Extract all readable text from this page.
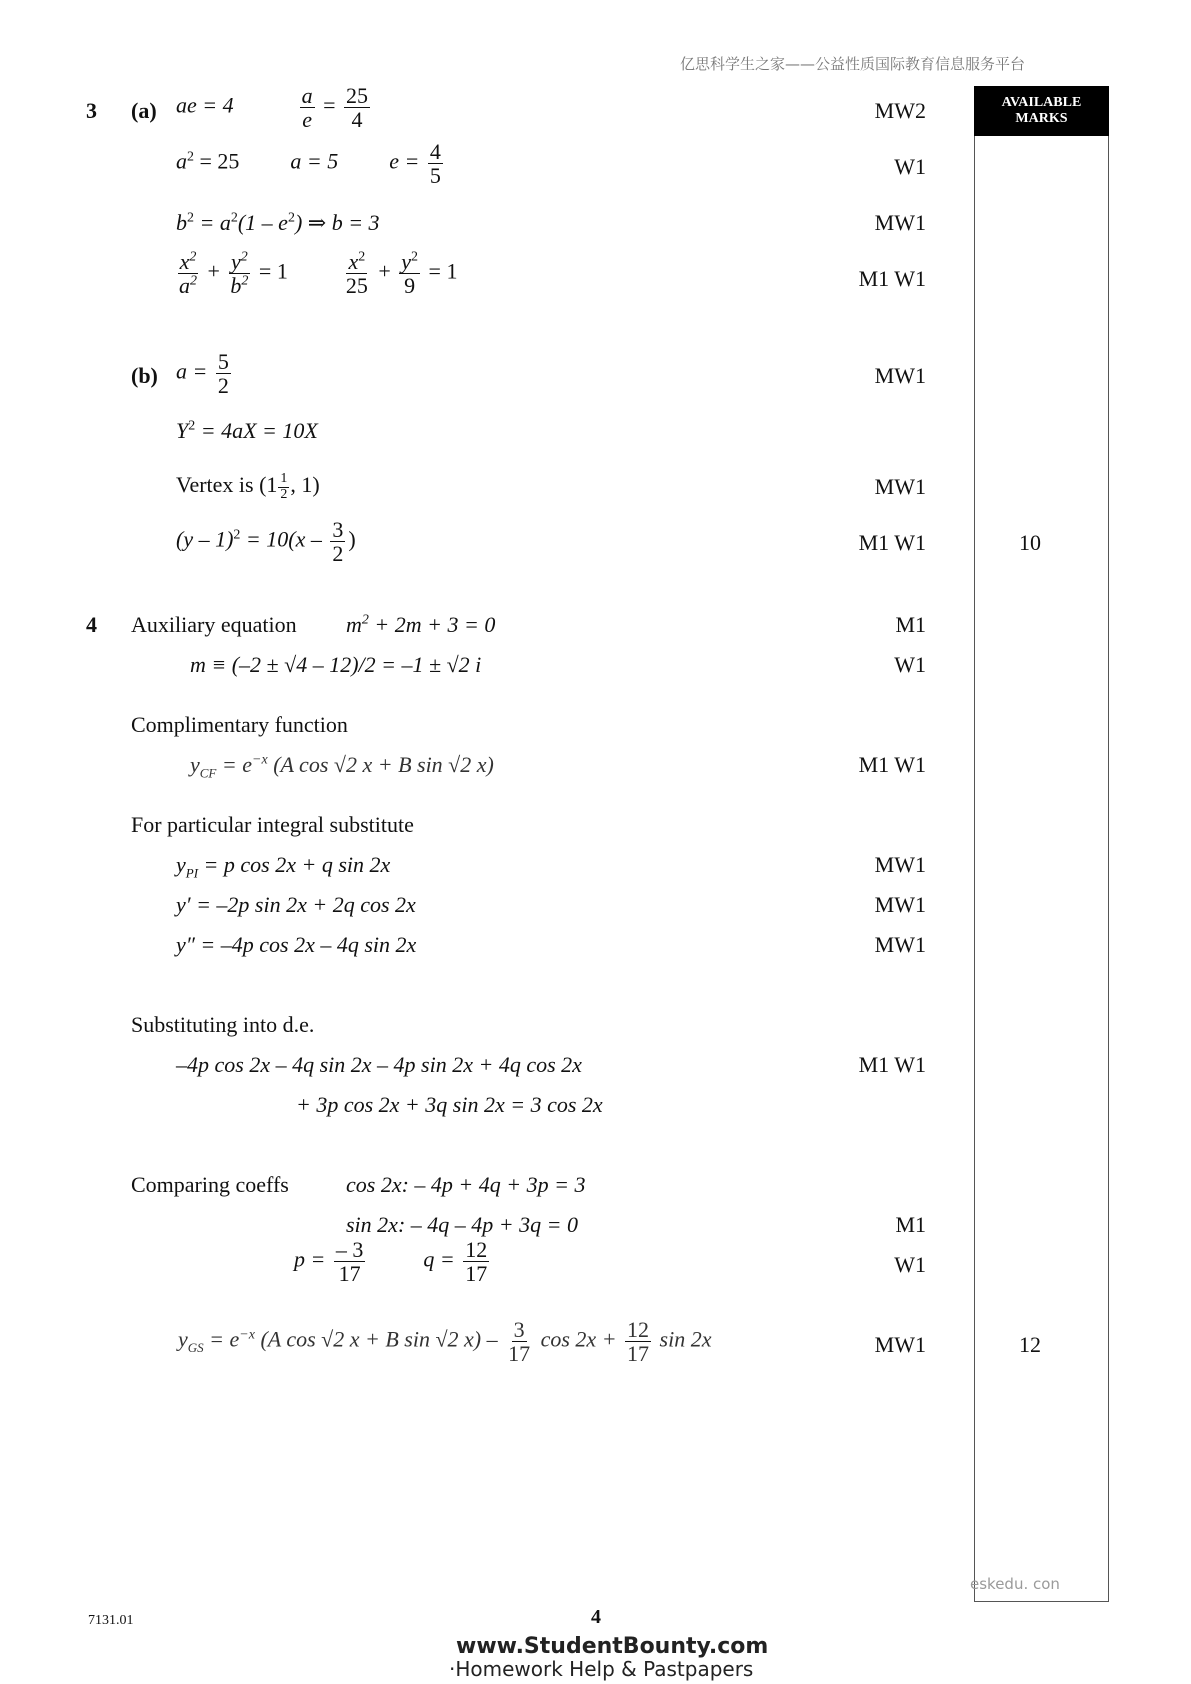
亿思科学生之家——公益性质国际教育信息服务平台
AVAILABLE
MARKS
3 (a) ae = 4	$\frac{a}{e} = \frac{25}{4}$	MW2
$a^2 = 25$ a = 5 $e = \frac{4}{5}$	W1
$b^2 = a^2(1 - e^2)$ ⇒ b = 3	MW1
$\frac{x^2}{a^2} + \frac{y^2}{b^2} = 1$	$\frac{x^2}{25} + \frac{y^2}{9} = 1$	M1 W1
(b) $a = \frac{5}{2}$	MW1
$Y^2 = 4aX = 10X$
Vertex is ($1 \frac{1}{2}$ , 1)	MW1
$(y - 1)^2 = 10(x - \frac{3}{2}$ )	M1 W1	10
4 Auxiliary equation $m^2 + 2m + 3 = 0$	M1
m ≡ (–2 ± √4 – 12)/2 = –1 ± √2 i	W1
Complimentary function
$y_{CF} = e^{-x}$ (A cos √2 x + B sin √2 x)	M1 W1
For particular integral substitute
$y_{PI} = p$ cos 2x + q sin 2x	MW1
y′ = –2p sin 2x + 2q cos 2x	MW1
y″ = –4p cos 2x – 4q sin 2x	MW1
Substituting into d.e.
–4p cos 2x – 4q sin 2x – 4p sin 2x + 4q cos 2x	M1 W1
+ 3p cos 2x + 3q sin 2x = 3 cos 2x
Comparing coeffs	cos 2x: – 4p + 4q + 3p = 3
sin 2x: – 4q – 4p + 3q = 0	M1
$p = \frac{- 3}{17}$	$q = \frac{12}{17}$	W1
$y_{GS} = e^{-x}$ (A cos √2 x + B sin √2 $x) - \frac{3}{17}$ $\cos 2x + \frac{12}{17}$ sin 2x	MW1	12
eskedu. con
7131.01	4
www.StudentBounty.com
·Homework Help & Pastpapers
